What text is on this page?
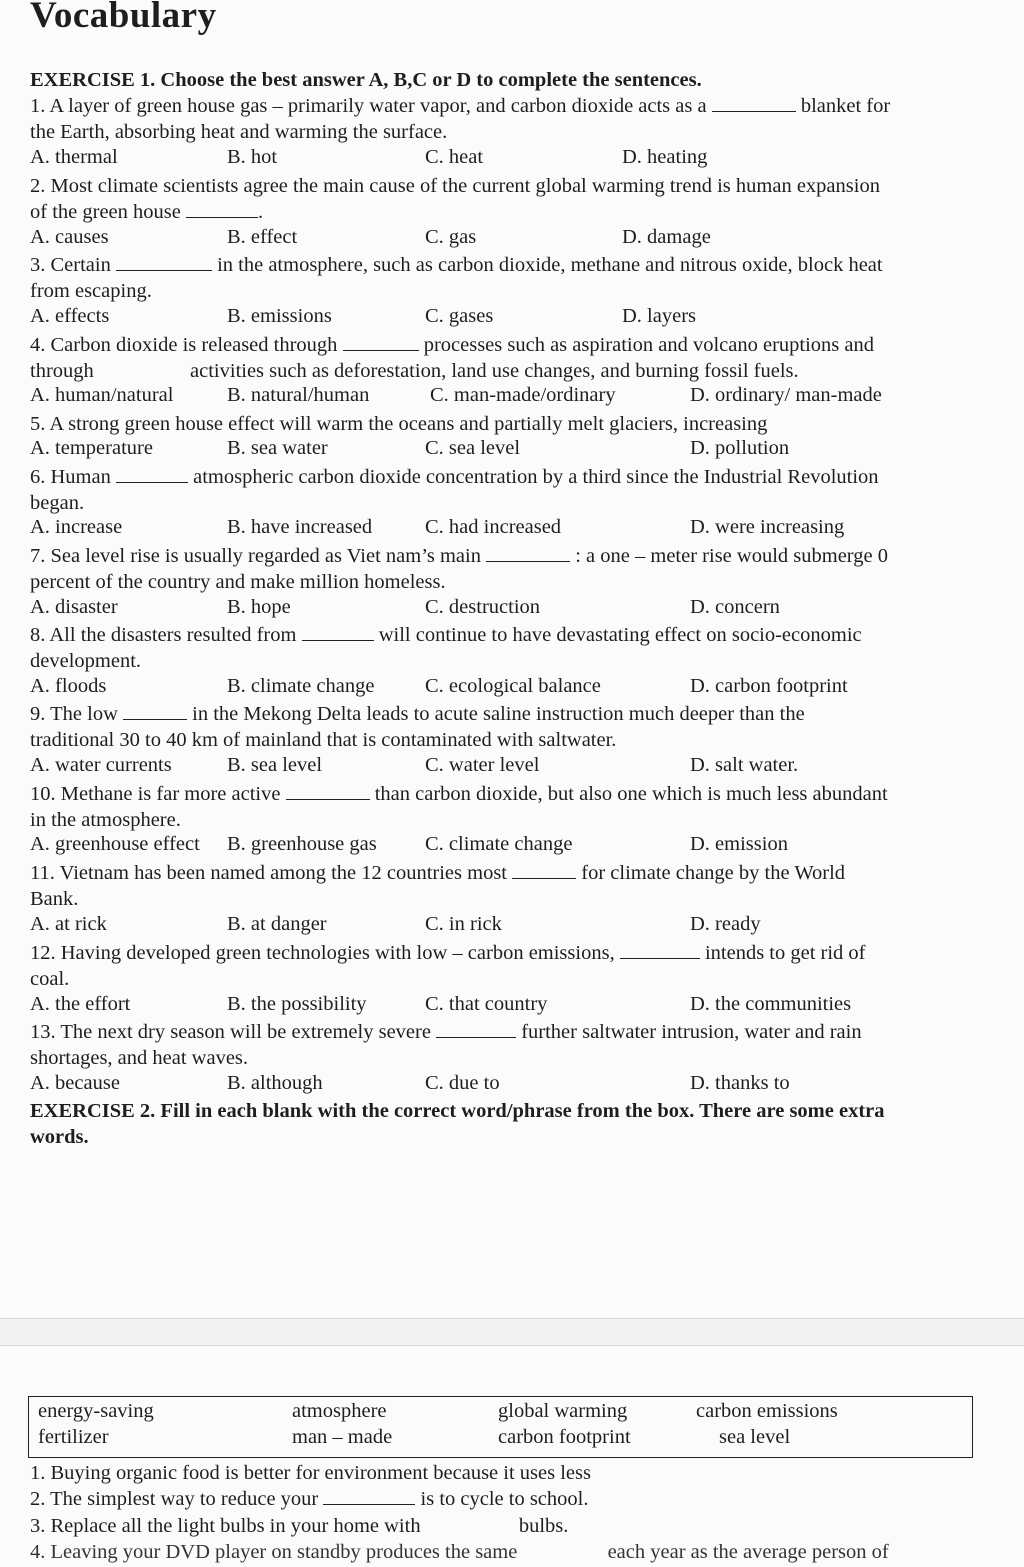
Vocabulary
EXERCISE 1. Choose the best answer A, B,C or D to complete the sentences.
1. A layer of green house gas – primarily water vapor, and carbon dioxide acts as a	blanket for
the Earth, absorbing heat and warming the surface.
A. thermal	B. hot	C. heat	D. heating
2. Most climate scientists agree the main cause of the current global warming trend is human expansion
of the green house	.
A. causes	B. effect	C. gas	D. damage
3. Certain	in the atmosphere, such as carbon dioxide, methane and nitrous oxide, block heat
from escaping.
A. effects	B. emissions	C. gases	D. layers
4. Carbon dioxide is released through	processes such as aspiration and volcano eruptions and
through	activities such as deforestation, land use changes, and burning fossil fuels.
A. human/natural	B. natural/human	C. man-made/ordinary	D. ordinary/ man-made
5. A strong green house effect will warm the oceans and partially melt glaciers, increasing
A. temperature	B. sea water	C. sea level	D. pollution
6. Human	atmospheric carbon dioxide concentration by a third since the Industrial Revolution
began.
A. increase	B. have increased	C. had increased	D. were increasing
7. Sea level rise is usually regarded as Viet nam’s main	: a one – meter rise would submerge 0
percent of the country and make million homeless.
A. disaster	B. hope	C. destruction	D. concern
8. All the disasters resulted from	will continue to have devastating effect on socio-economic
development.
A. floods	B. climate change C. ecological balance	D. carbon footprint
9. The low	in the Mekong Delta leads to acute saline instruction much deeper than the
traditional 30 to 40 km of mainland that is contaminated with saltwater.
A. water currents	B. sea level	C. water level	D. salt water.
10. Methane is far more active	than carbon dioxide, but also one which is much less abundant
in the atmosphere.
A. greenhouse effect B. greenhouse gas C. climate change	D. emission
11. Vietnam has been named among the 12 countries most	for climate change by the World
Bank.
A. at rick	B. at danger	C. in rick	D. ready
12. Having developed green technologies with low – carbon emissions,	intends to get rid of
coal.
A. the effort	B. the possibility	C. that country	D. the communities
13. The next dry season will be extremely severe	further saltwater intrusion, water and rain
shortages, and heat waves.
A. because	B. although	C. due to	D. thanks to
EXERCISE 2. Fill in each blank with the correct word/phrase from the box. There are some extra
words.
energy-saving	atmosphere	global warming	carbon emissions
fertilizer	man – made	carbon footprint	sea level
1. Buying organic food is better for environment because it uses less
2. The simplest way to reduce your	is to cycle to school.
3. Replace all the light bulbs in your home with	bulbs.
4. Leaving your DVD player on standby produces the same	each year as the average person of
